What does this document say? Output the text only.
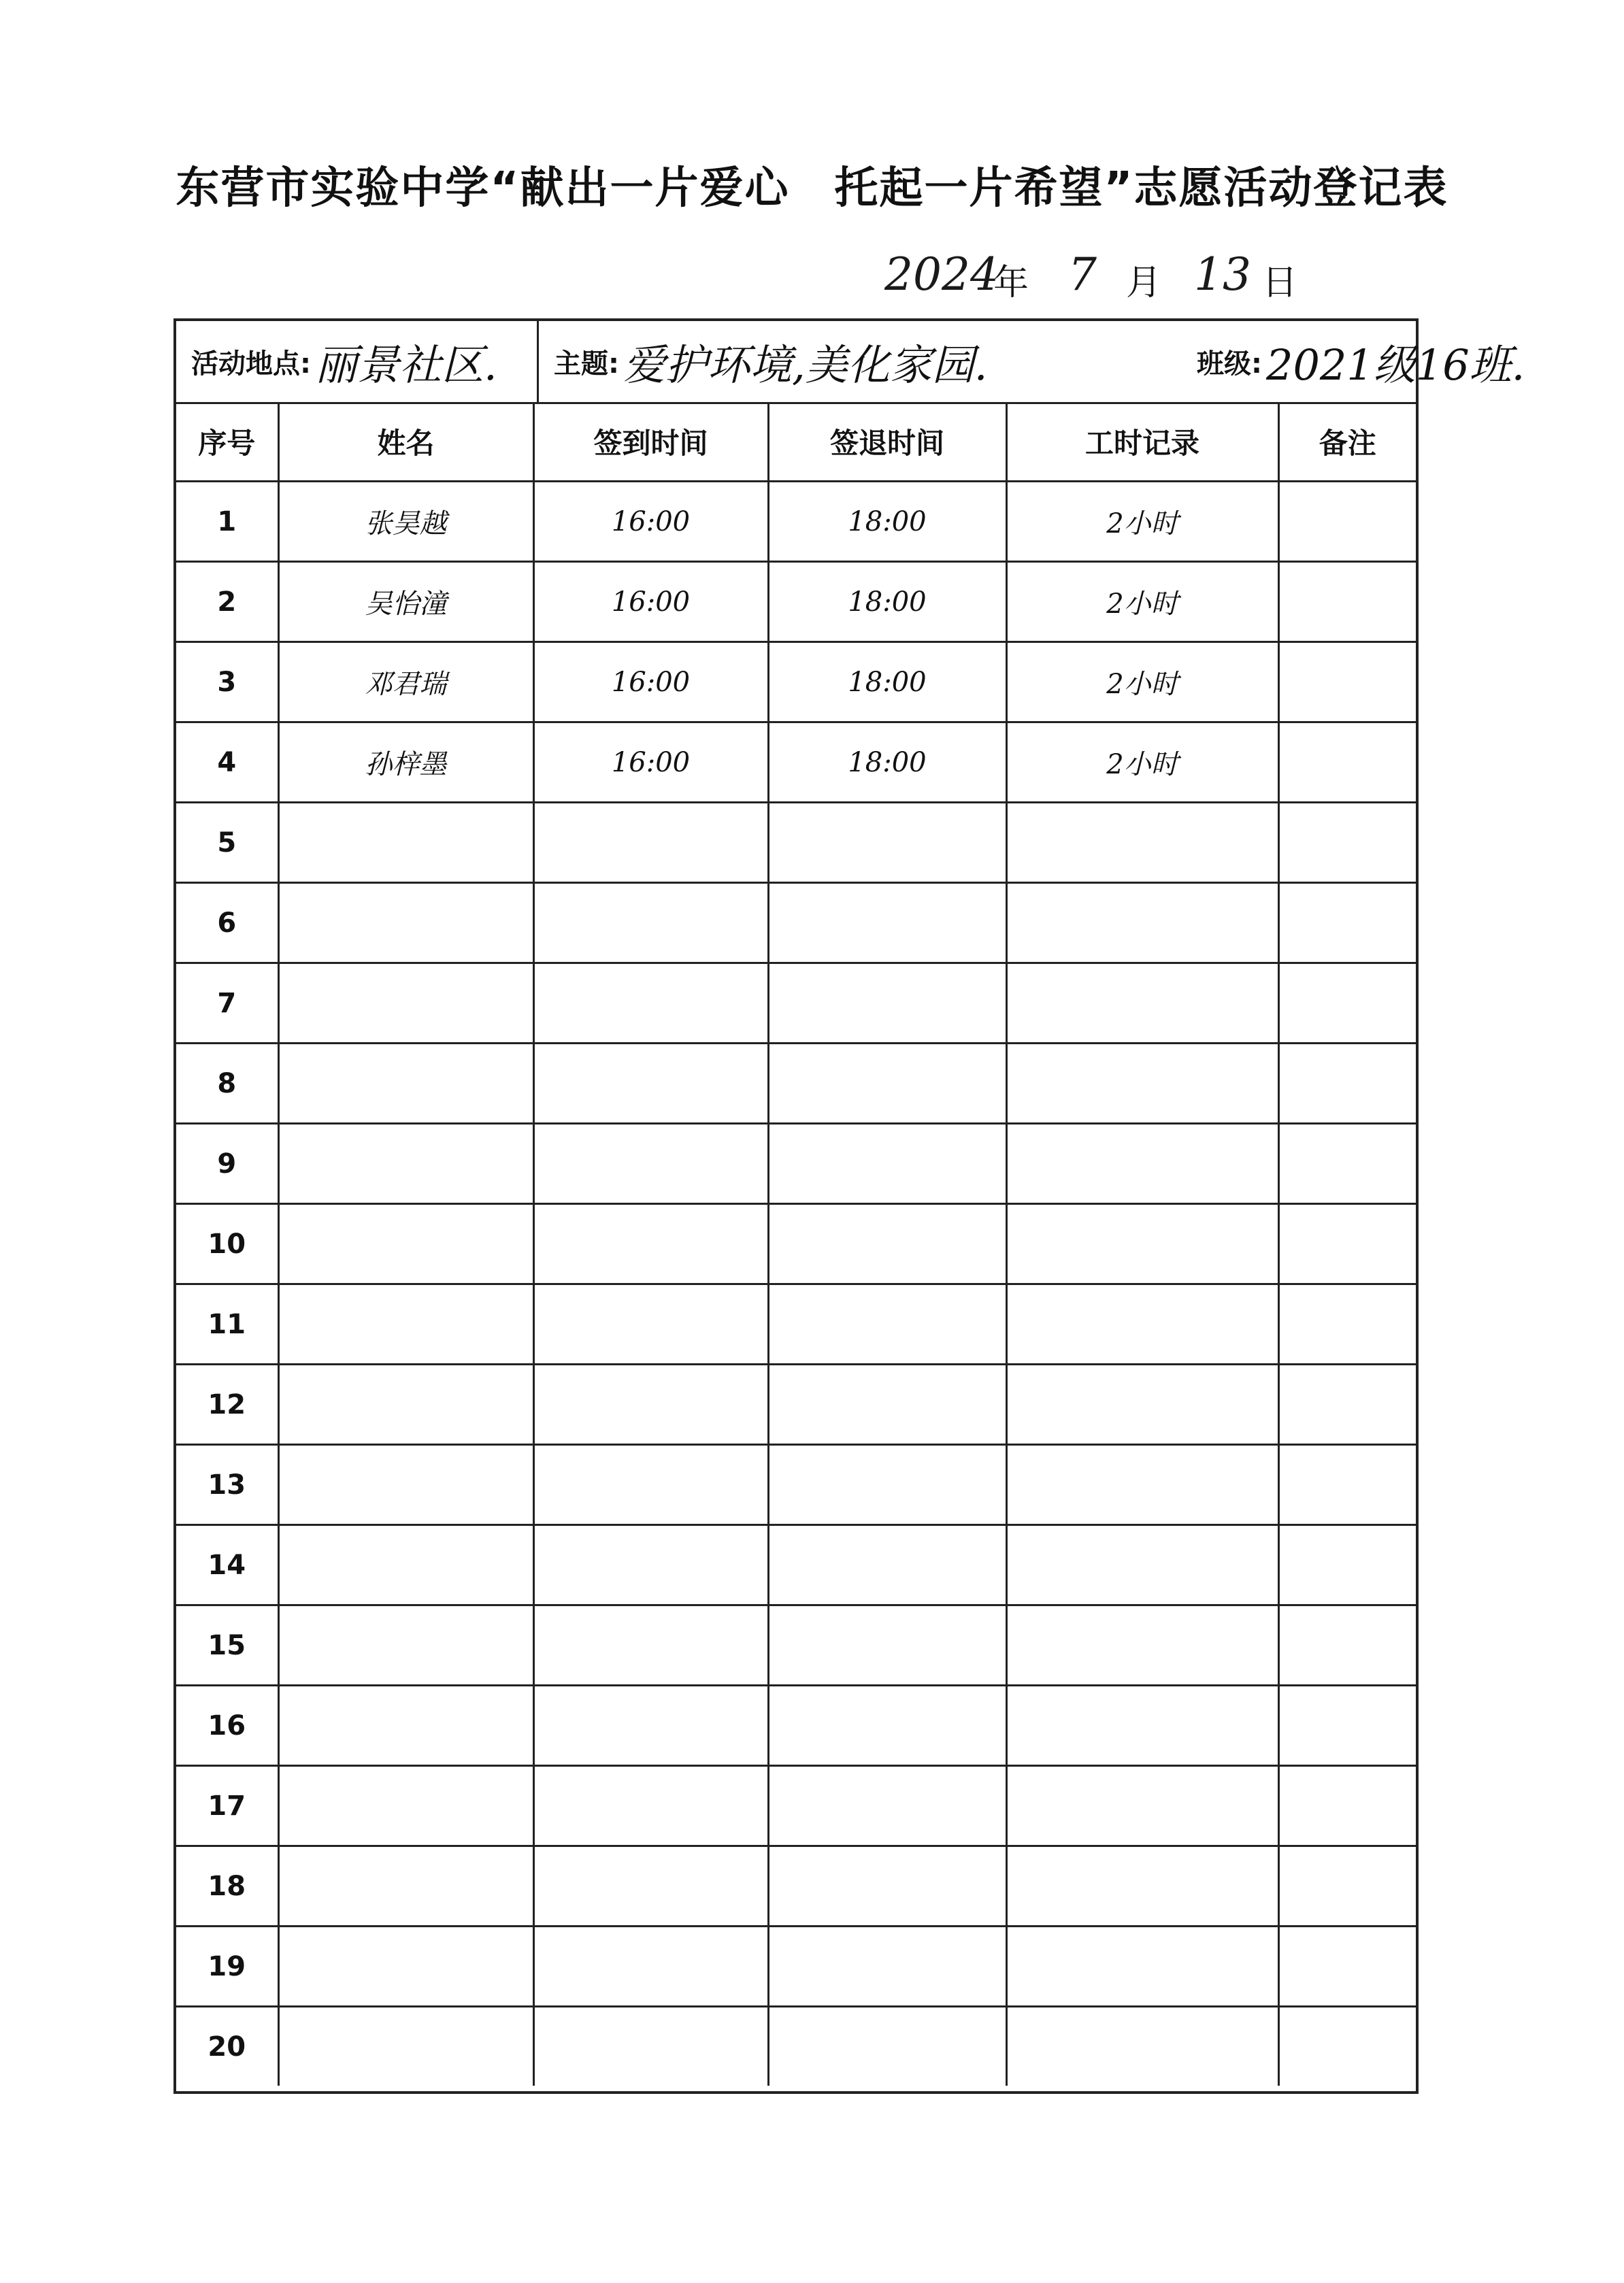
东营市实验中学“献出一片爱心　托起一片希望”志愿活动登记表
2024
年 7 月 13 日
活动地点: 丽景社区. 主题: 爱护环境,美化家园.	班级: 2021级16班.
序号	姓名	签到时间	签退时间	工时记录	备注
1	张昊越	16:00	18:00	2小时	
2	吴怡潼	16:00	18:00	2小时	
3	邓君瑞	16:00	18:00	2小时	
4	孙梓墨	16:00	18:00	2小时	
5					
6					
7					
8					
9					
10					
11					
12					
13					
14					
15					
16					
17					
18					
19					
20					
